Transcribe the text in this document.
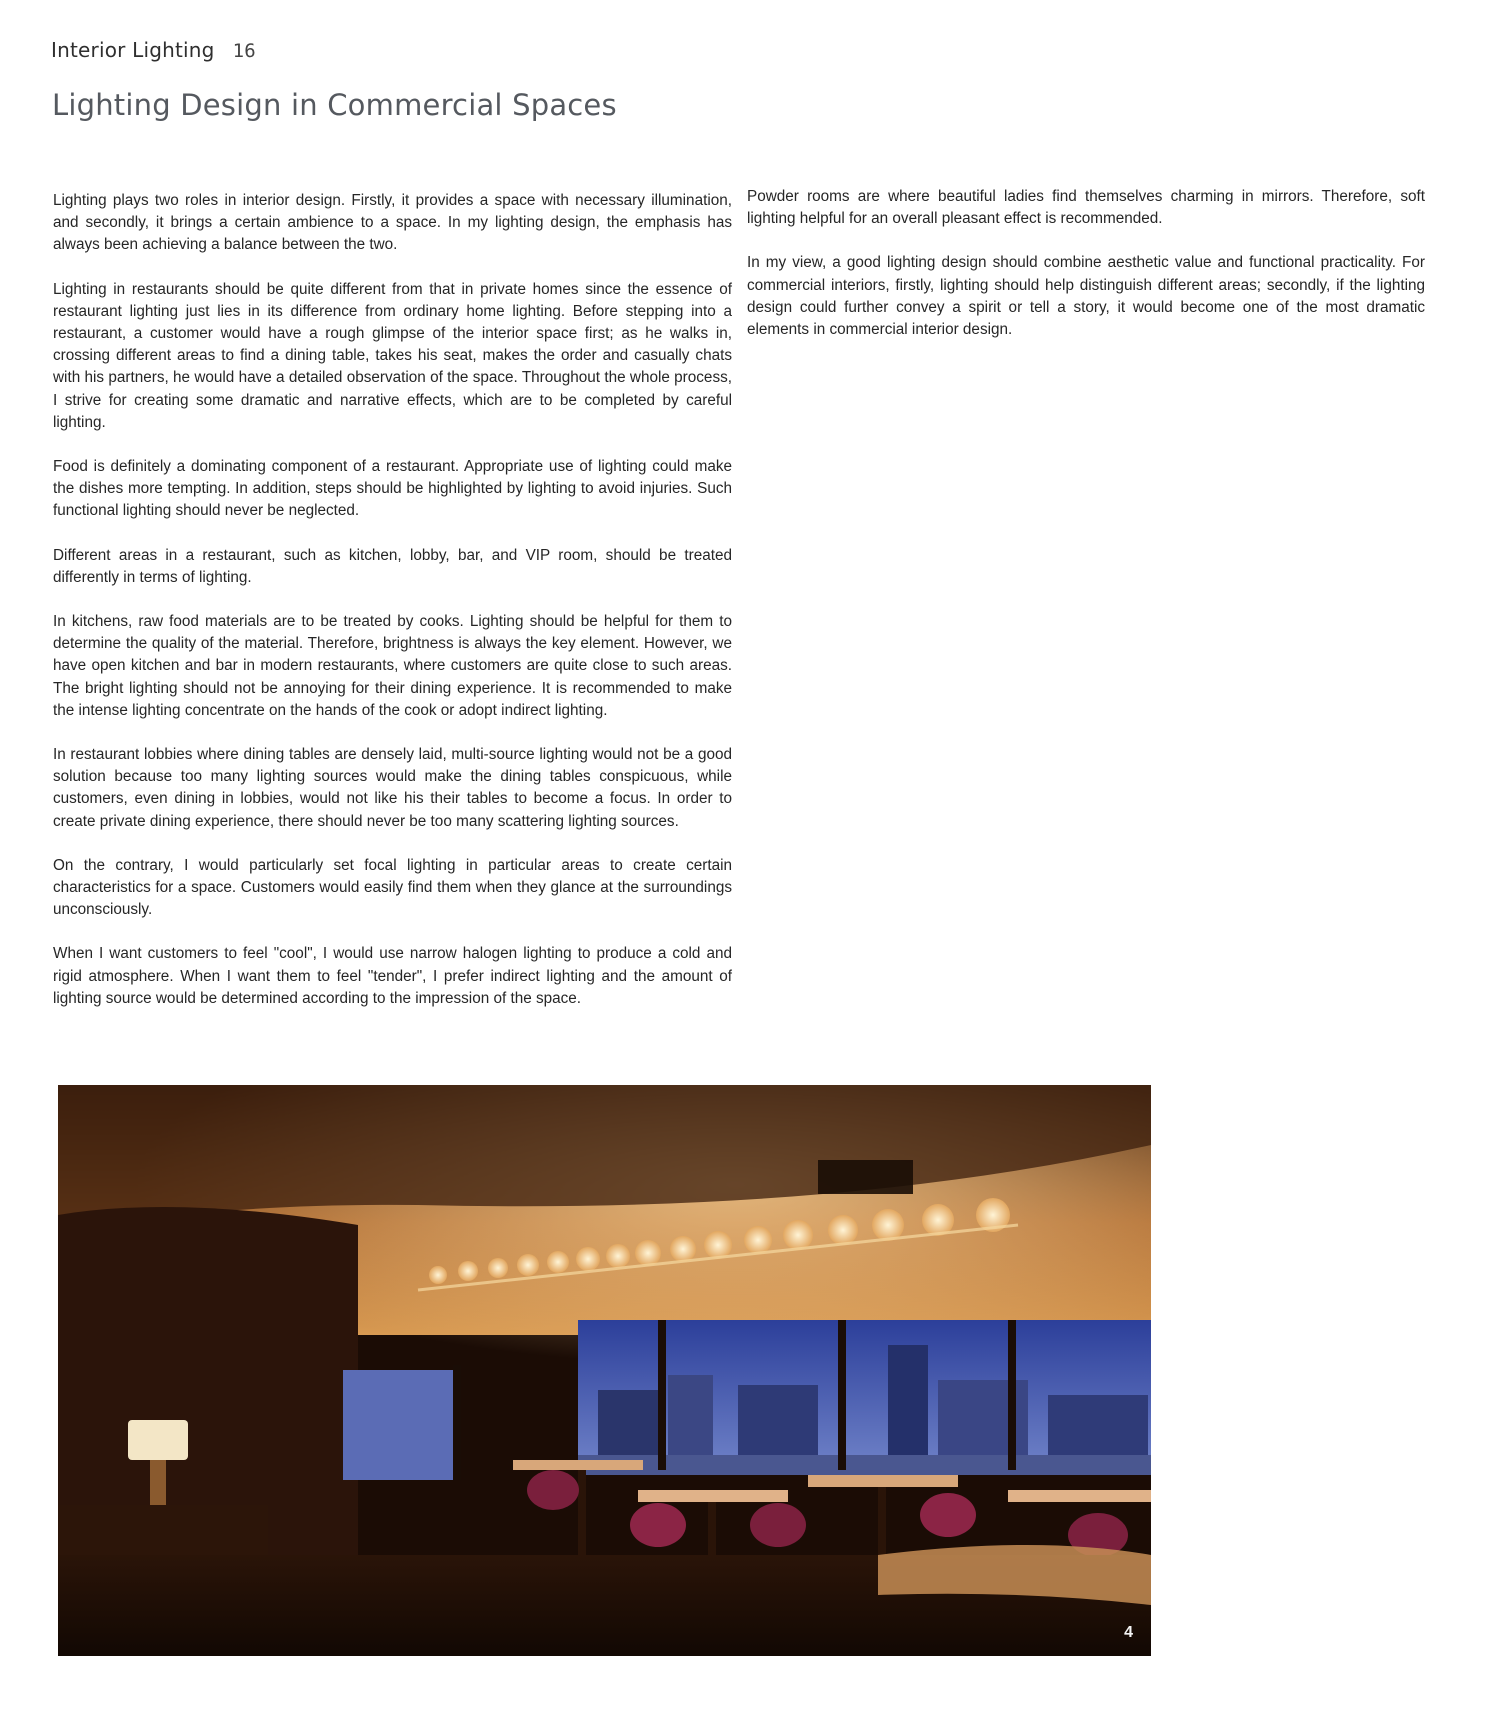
Interior Lighting 16
Lighting Design in Commercial Spaces

Lighting plays two roles in interior design. Firstly, it provides a space with necessary illumination, and secondly, it brings a certain ambience to a space. In my lighting design, the emphasis has always been achieving a balance between the two.

Lighting in restaurants should be quite different from that in private homes since the essence of restaurant lighting just lies in its difference from ordinary home lighting. Before stepping into a restaurant, a customer would have a rough glimpse of the interior space first; as he walks in, crossing different areas to find a dining table, takes his seat, makes the order and casually chats with his partners, he would have a detailed observation of the space. Throughout the whole process, I strive for creating some dramatic and narrative effects, which are to be completed by careful lighting.

Food is definitely a dominating component of a restaurant. Appropriate use of lighting could make the dishes more tempting. In addition, steps should be highlighted by lighting to avoid injuries. Such functional lighting should never be neglected.

Different areas in a restaurant, such as kitchen, lobby, bar, and VIP room, should be treated differently in terms of lighting.

In kitchens, raw food materials are to be treated by cooks. Lighting should be helpful for them to determine the quality of the material. Therefore, brightness is always the key element. However, we have open kitchen and bar in modern restaurants, where customers are quite close to such areas. The bright lighting should not be annoying for their dining experience. It is recommended to make the intense lighting concentrate on the hands of the cook or adopt indirect lighting.

In restaurant lobbies where dining tables are densely laid, multi-source lighting would not be a good solution because too many lighting sources would make the dining tables conspicuous, while customers, even dining in lobbies, would not like his their tables to become a focus. In order to create private dining experience, there should never be too many scattering lighting sources.

On the contrary, I would particularly set focal lighting in particular areas to create certain characteristics for a space. Customers would easily find them when they glance at the surroundings unconsciously.

When I want customers to feel "cool", I would use narrow halogen lighting to produce a cold and rigid atmosphere. When I want them to feel "tender", I prefer indirect lighting and the amount of lighting source would be determined according to the impression of the space.

Powder rooms are where beautiful ladies find themselves charming in mirrors. Therefore, soft lighting helpful for an overall pleasant effect is recommended.

In my view, a good lighting design should combine aesthetic value and functional practicality. For commercial interiors, firstly, lighting should help distinguish different areas; secondly, if the lighting design could further convey a spirit or tell a story, it would become one of the most dramatic elements in commercial interior design.

4
